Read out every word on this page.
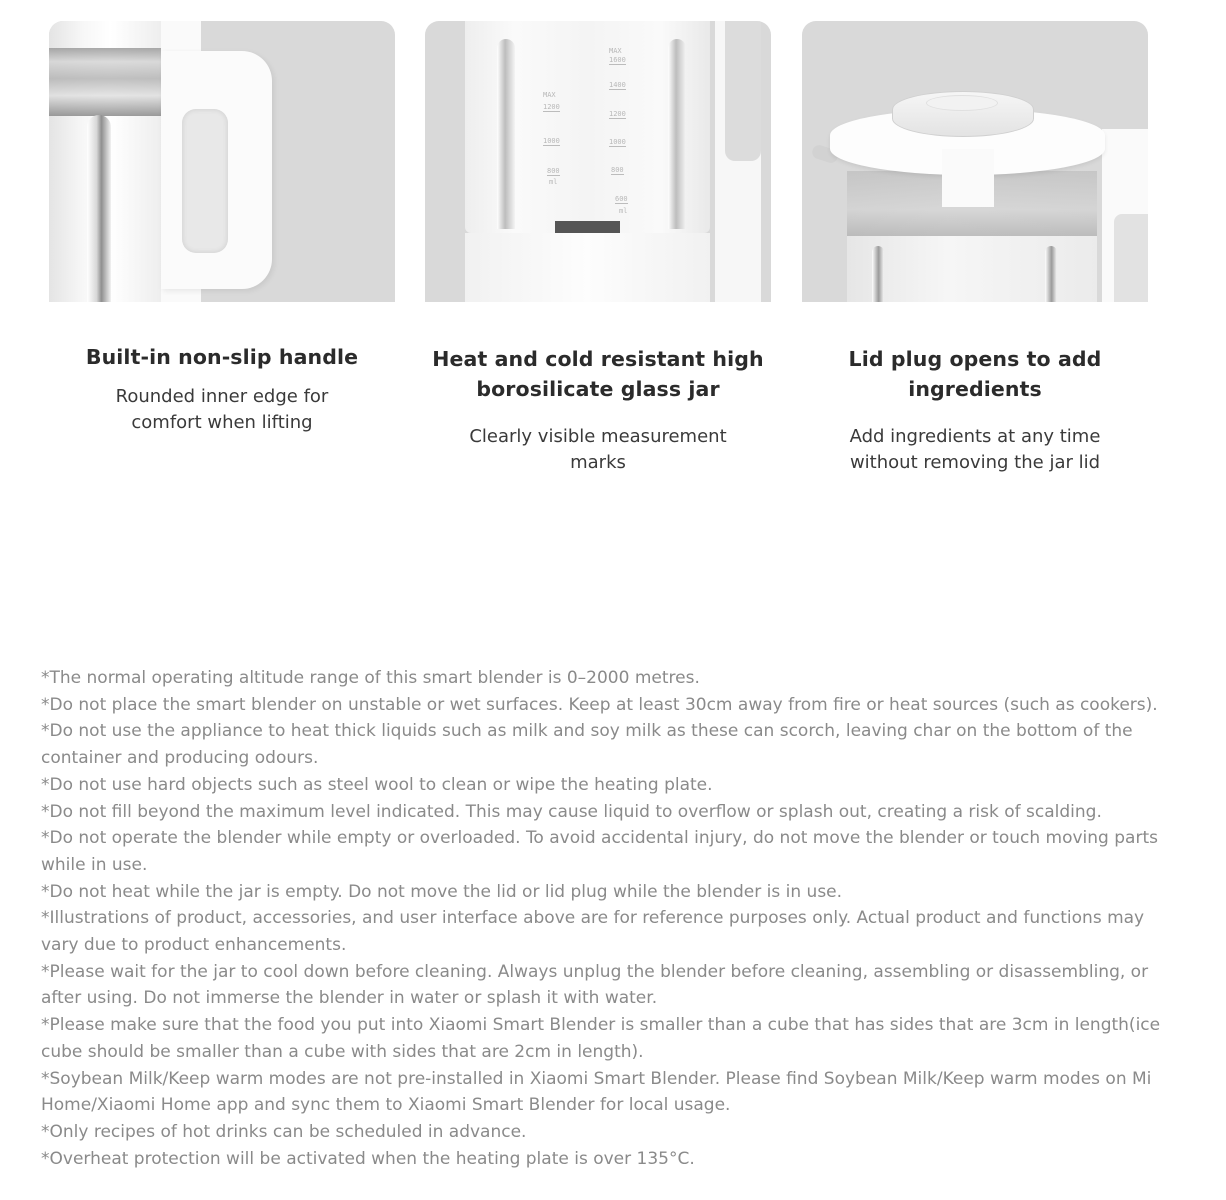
Built-in non-slip handle

Rounded inner edge for comfort when lifting

MAX
1200
1000
800
ml
MAX
1600
1400
1200
1000
800
600
ml
Heat and cold resistant high borosilicate glass jar

Clearly visible measurement marks

Lid plug opens to add ingredients

Add ingredients at any time without removing the jar lid

*The normal operating altitude range of this smart blender is 0–2000 metres.

*Do not place the smart blender on unstable or wet surfaces. Keep at least 30cm away from fire or heat sources (such as cookers).

*Do not use the appliance to heat thick liquids such as milk and soy milk as these can scorch, leaving char on the bottom of the container and producing odours.

*Do not use hard objects such as steel wool to clean or wipe the heating plate.

*Do not fill beyond the maximum level indicated. This may cause liquid to overflow or splash out, creating a risk of scalding.

*Do not operate the blender while empty or overloaded. To avoid accidental injury, do not move the blender or touch moving parts while in use.

*Do not heat while the jar is empty. Do not move the lid or lid plug while the blender is in use.

*Illustrations of product, accessories, and user interface above are for reference purposes only. Actual product and functions may vary due to product enhancements.

*Please wait for the jar to cool down before cleaning. Always unplug the blender before cleaning, assembling or disassembling, or after using. Do not immerse the blender in water or splash it with water.

*Please make sure that the food you put into Xiaomi Smart Blender is smaller than a cube that has sides that are 3cm in length(ice cube should be smaller than a cube with sides that are 2cm in length).

*Soybean Milk/Keep warm modes are not pre-installed in Xiaomi Smart Blender. Please find Soybean Milk/Keep warm modes on Mi Home/Xiaomi Home app and sync them to Xiaomi Smart Blender for local usage.

*Only recipes of hot drinks can be scheduled in advance.

*Overheat protection will be activated when the heating plate is over 135°C.
